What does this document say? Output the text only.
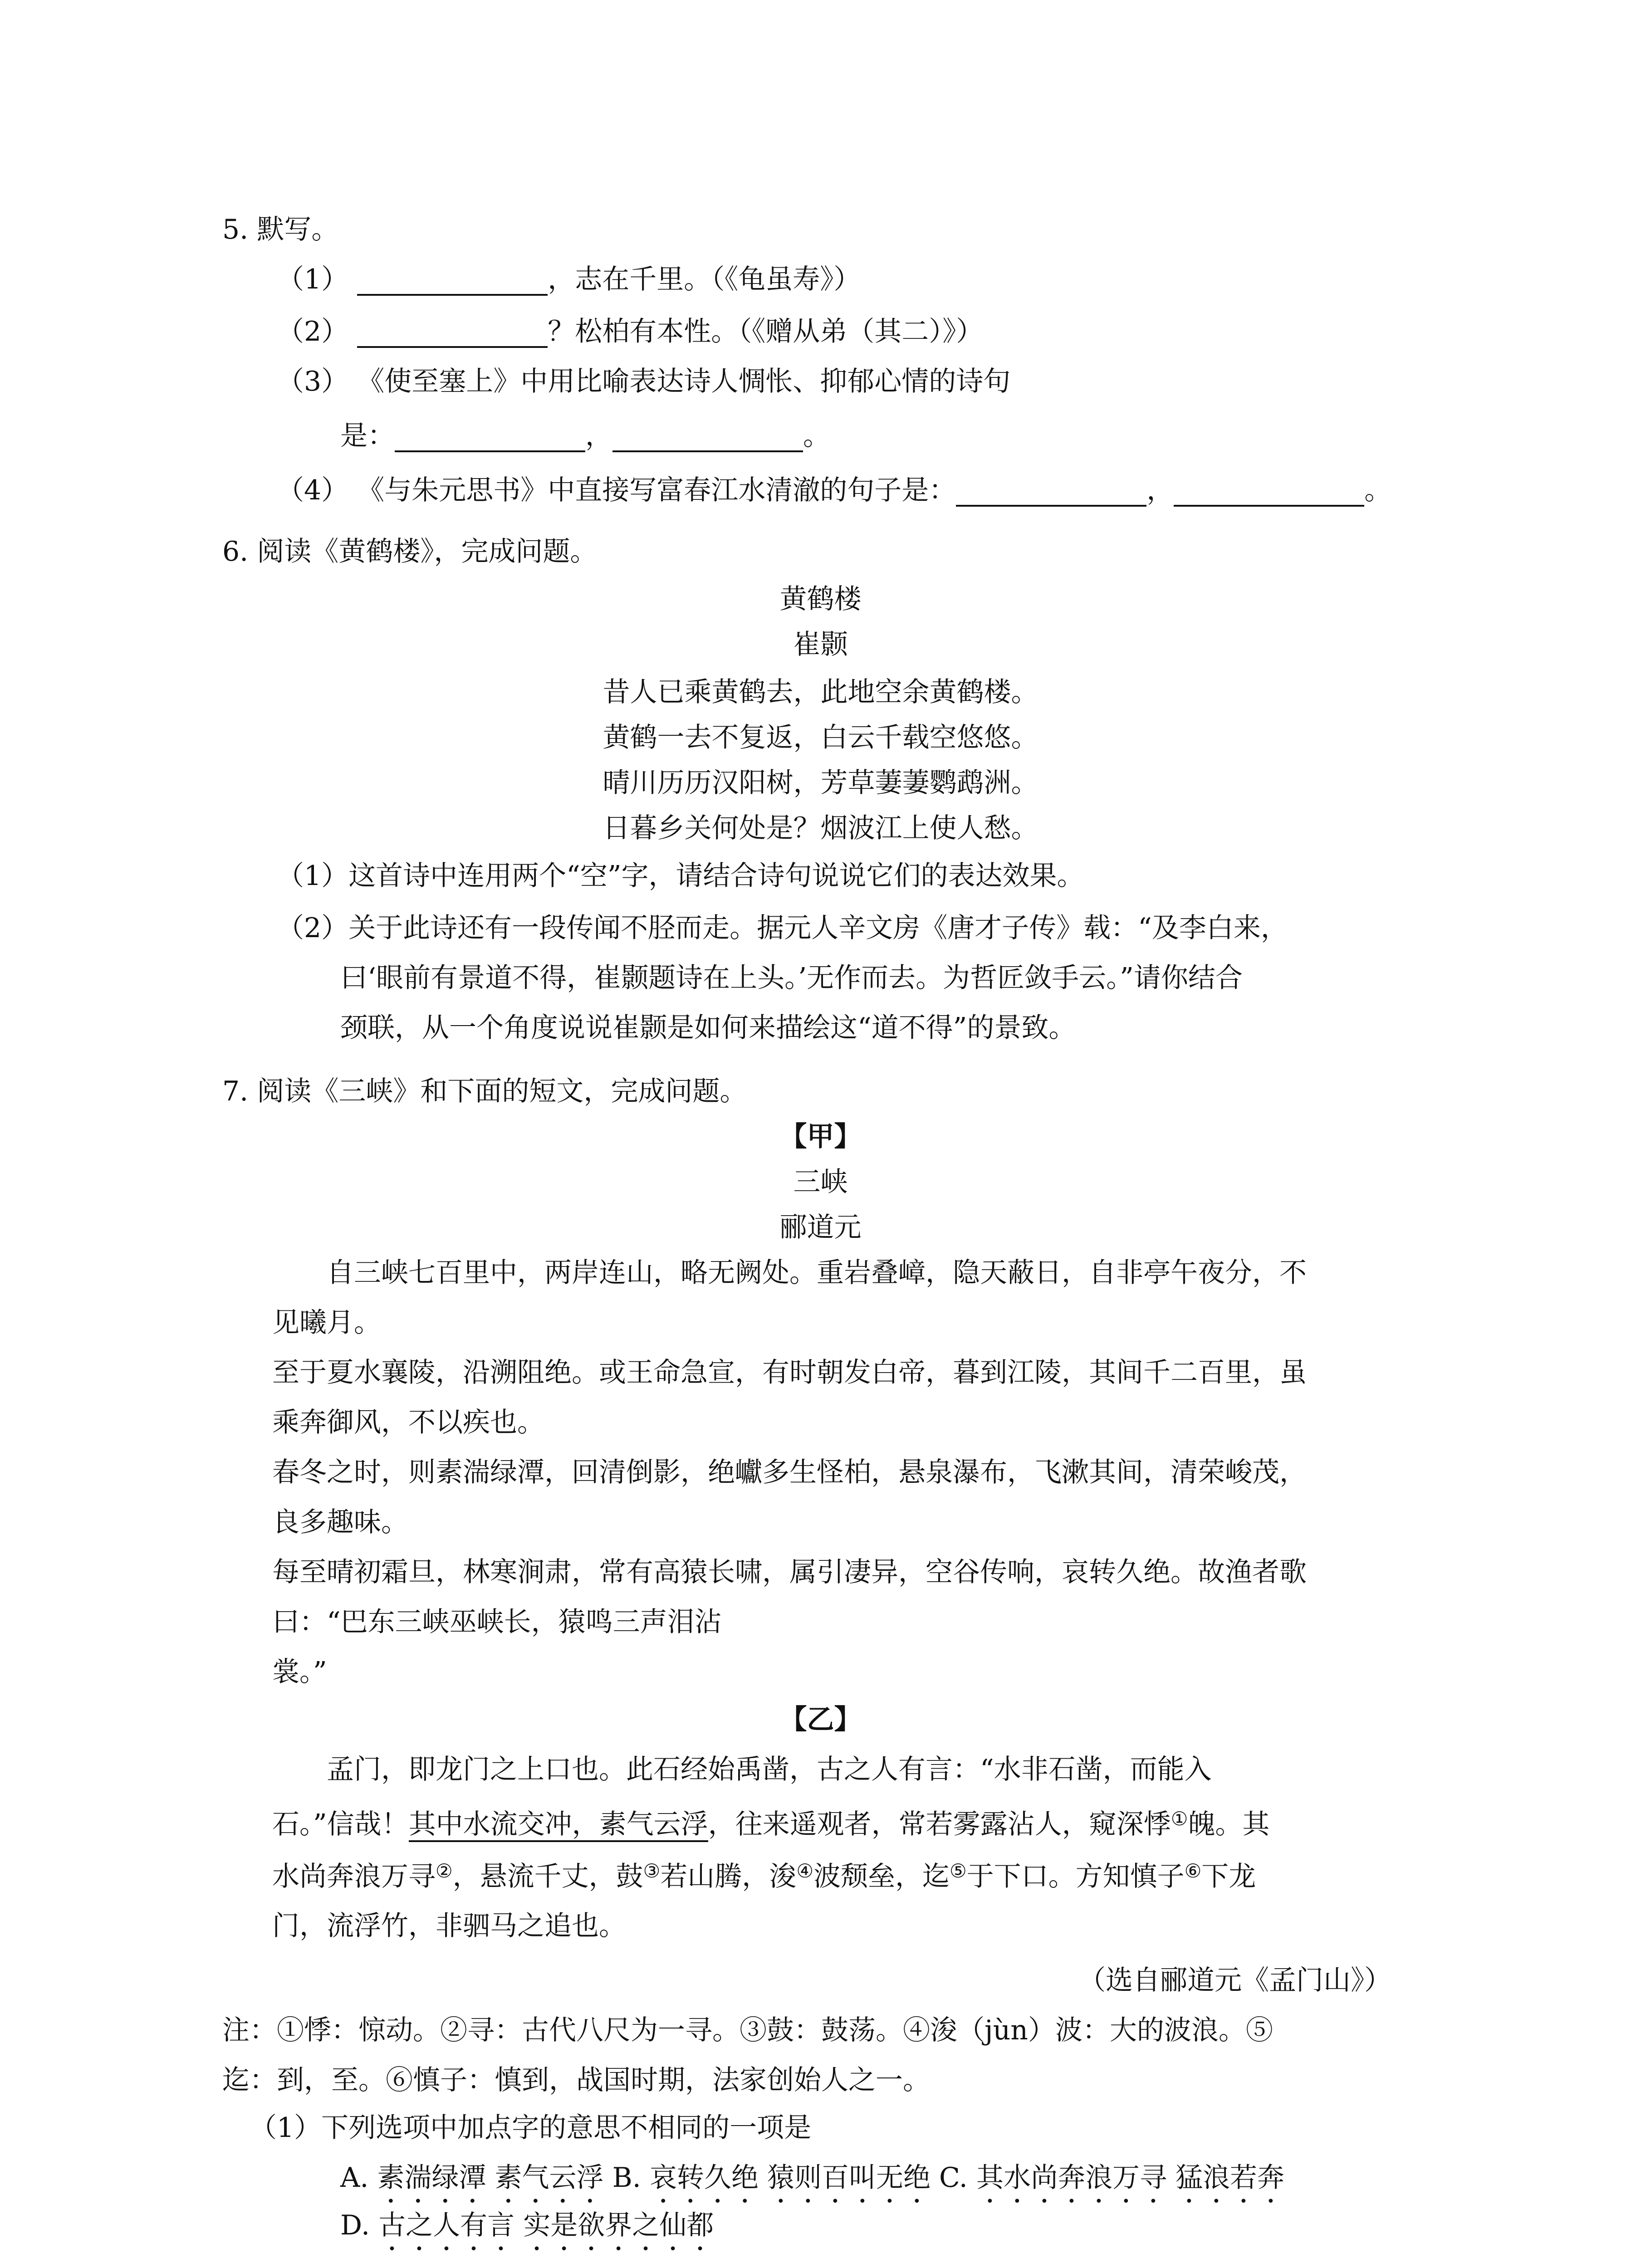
5. 默写。
（1）	，志在千里。（《龟虽寿》）
（2）	？松柏有本性。（《赠从弟（其二）》）
（3） 《使至塞上》中用比喻表达诗人惆怅、抑郁心情的诗句
是：	，	。
（4） 《与朱元思书》中直接写富春江水清澈的句子是：	，	。
6. 阅读《黄鹤楼》，完成问题。
黄鹤楼
崔颢
昔人已乘黄鹤去，此地空余黄鹤楼。
黄鹤一去不复返，白云千载空悠悠。
晴川历历汉阳树，芳草萋萋鹦鹉洲。
日暮乡关何处是？烟波江上使人愁。
（1）这首诗中连用两个“空”字，请结合诗句说说它们的表达效果。
（2）关于此诗还有一段传闻不胫而走。据元人辛文房《唐才子传》载：“及李白来，
曰‘眼前有景道不得，崔颢题诗在上头。’无作而去。为哲匠敛手云。”请你结合
颈联，从一个角度说说崔颢是如何来描绘这“道不得”的景致。
7. 阅读《三峡》和下面的短文，完成问题。
【甲】
三峡
郦道元
自三峡七百里中，两岸连山，略无阙处。重岩叠嶂，隐天蔽日，自非亭午夜分，不
见曦月。
至于夏水襄陵，沿溯阻绝。或王命急宣，有时朝发白帝，暮到江陵，其间千二百里，虽
乘奔御风，不以疾也。
春冬之时，则素湍绿潭，回清倒影，绝巘多生怪柏，悬泉瀑布，飞漱其间，清荣峻茂，
良多趣味。
每至晴初霜旦，林寒涧肃，常有高猿长啸，属引凄异，空谷传响，哀转久绝。故渔者歌
曰：“巴东三峡巫峡长，猿鸣三声泪沾
裳。”
【乙】
孟门，即龙门之上口也。此石经始禹凿，古之人有言：“水非石凿，而能入
石。”信哉！其中水流交冲，素气云浮，往来遥观者，常若雾露沾人，窥深悸①魄。其
水尚奔浪万寻②，悬流千丈，鼓③若山腾，浚④波颓垒，迄⑤于下口。方知慎子⑥下龙
门，流浮竹，非驷马之追也。
（选自郦道元《孟门山》）
注：①悸：惊动。②寻：古代八尺为一寻。③鼓：鼓荡。④浚（jùn）波：大的波浪。⑤
迄：到，至。⑥慎子：慎到，战国时期，法家创始人之一。
（1）下列选项中加点字的意思不相同的一项是
A. 素湍绿潭 素气云浮 B. 哀转久绝 猿则百叫无绝 C. 其水尚奔浪万寻 猛浪若奔
D. 古之人有言 实是欲界之仙都
